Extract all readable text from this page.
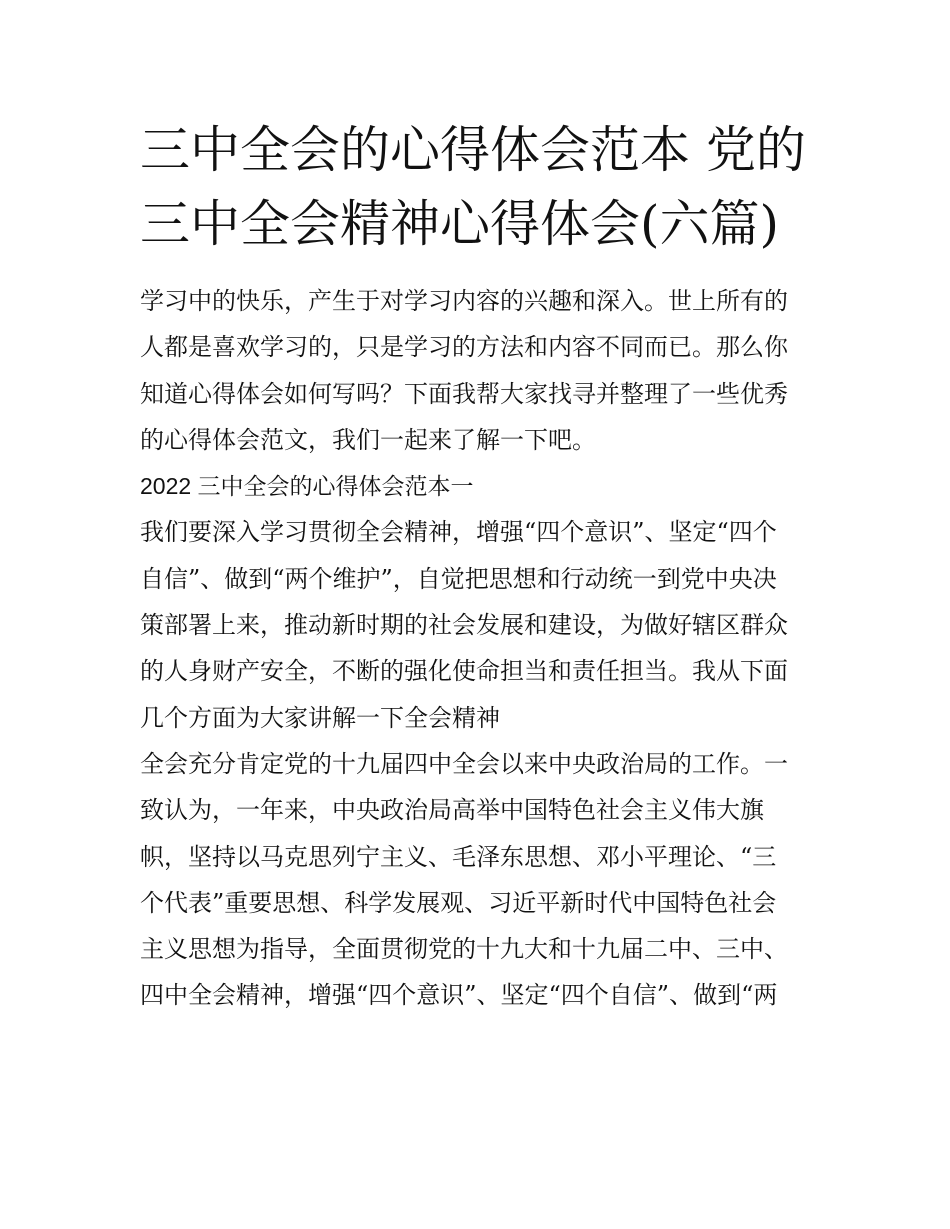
三中全会的心得体会范本 党的
三中全会精神心得体会(六篇)
学习中的快乐，产生于对学习内容的兴趣和深入。世上所有的
人都是喜欢学习的，只是学习的方法和内容不同而已。那么你
知道心得体会如何写吗？下面我帮大家找寻并整理了一些优秀
的心得体会范文，我们一起来了解一下吧。
2022 三中全会的心得体会范本一
我们要深入学习贯彻全会精神，增强“四个意识”、坚定“四个
自信”、做到“两个维护”，自觉把思想和行动统一到党中央决
策部署上来，推动新时期的社会发展和建设，为做好辖区群众
的人身财产安全，不断的强化使命担当和责任担当。我从下面
几个方面为大家讲解一下全会精神
全会充分肯定党的十九届四中全会以来中央政治局的工作。一
致认为，一年来，中央政治局高举中国特色社会主义伟大旗
帜，坚持以马克思列宁主义、毛泽东思想、邓小平理论、“三
个代表”重要思想、科学发展观、习近平新时代中国特色社会
主义思想为指导，全面贯彻党的十九大和十九届二中、三中、
四中全会精神，增强“四个意识”、坚定“四个自信”、做到“两
